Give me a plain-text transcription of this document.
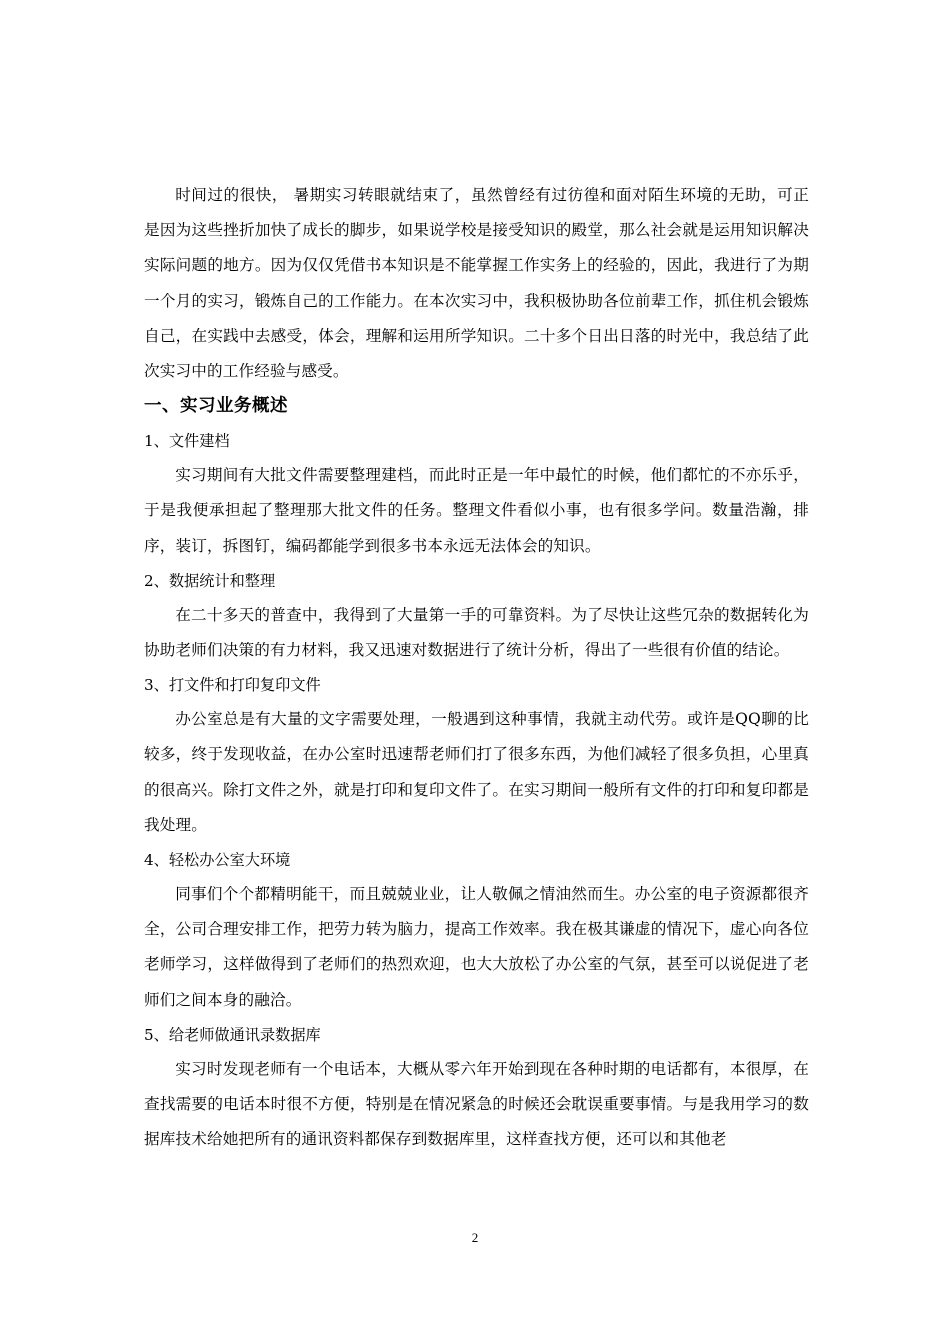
时间过的很快， 暑期实习转眼就结束了，虽然曾经有过彷徨和面对陌生环境的无助，可正是因为这些挫折加快了成长的脚步，如果说学校是接受知识的殿堂，那么社会就是运用知识解决实际问题的地方。因为仅仅凭借书本知识是不能掌握工作实务上的经验的，因此，我进行了为期一个月的实习，锻炼自己的工作能力。在本次实习中，我积极协助各位前辈工作，抓住机会锻炼自己，在实践中去感受，体会，理解和运用所学知识。二十多个日出日落的时光中，我总结了此次实习中的工作经验与感受。

一、实习业务概述

1、文件建档

实习期间有大批文件需要整理建档，而此时正是一年中最忙的时候，他们都忙的不亦乐乎，于是我便承担起了整理那大批文件的任务。整理文件看似小事，也有很多学问。数量浩瀚，排序，装订，拆图钉，编码都能学到很多书本永远无法体会的知识。

2、数据统计和整理

在二十多天的普查中，我得到了大量第一手的可靠资料。为了尽快让这些冗杂的数据转化为协助老师们决策的有力材料，我又迅速对数据进行了统计分析，得出了一些很有价值的结论。

3、打文件和打印复印文件

办公室总是有大量的文字需要处理，一般遇到这种事情，我就主动代劳。或许是QQ聊的比较多，终于发现收益，在办公室时迅速帮老师们打了很多东西，为他们减轻了很多负担，心里真的很高兴。除打文件之外，就是打印和复印文件了。在实习期间一般所有文件的打印和复印都是我处理。

4、轻松办公室大环境

同事们个个都精明能干，而且兢兢业业，让人敬佩之情油然而生。办公室的电子资源都很齐全，公司合理安排工作，把劳力转为脑力，提高工作效率。我在极其谦虚的情况下，虚心向各位老师学习，这样做得到了老师们的热烈欢迎，也大大放松了办公室的气氛，甚至可以说促进了老师们之间本身的融洽。

5、给老师做通讯录数据库

实习时发现老师有一个电话本，大概从零六年开始到现在各种时期的电话都有，本很厚，在查找需要的电话本时很不方便，特别是在情况紧急的时候还会耽误重要事情。与是我用学习的数据库技术给她把所有的通讯资料都保存到数据库里，这样查找方便，还可以和其他老

2
